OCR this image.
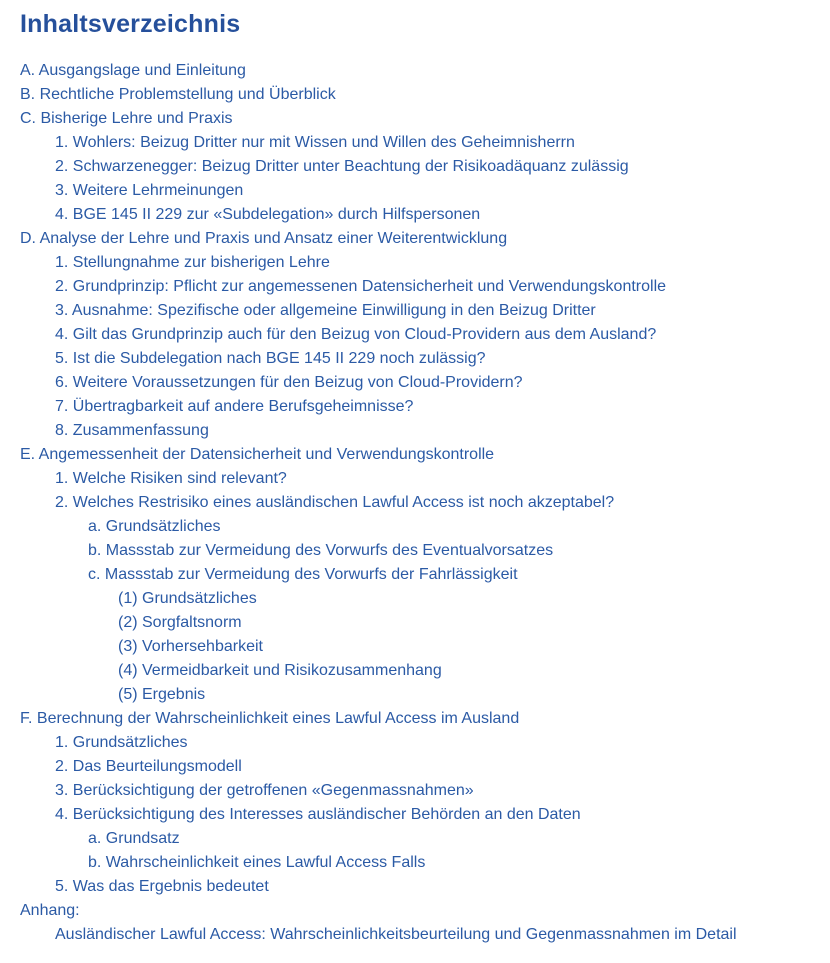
Inhaltsverzeichnis
A. Ausgangslage und Einleitung
B. Rechtliche Problemstellung und Überblick
C. Bisherige Lehre und Praxis
1. Wohlers: Beizug Dritter nur mit Wissen und Willen des Geheimnisherrn
2. Schwarzenegger: Beizug Dritter unter Beachtung der Risikoadäquanz zulässig
3. Weitere Lehrmeinungen
4. BGE 145 II 229 zur «Subdelegation» durch Hilfspersonen
D. Analyse der Lehre und Praxis und Ansatz einer Weiterentwicklung
1. Stellungnahme zur bisherigen Lehre
2. Grundprinzip: Pflicht zur angemessenen Datensicherheit und Verwendungskontrolle
3. Ausnahme: Spezifische oder allgemeine Einwilligung in den Beizug Dritter
4. Gilt das Grundprinzip auch für den Beizug von Cloud-Providern aus dem Ausland?
5. Ist die Subdelegation nach BGE 145 II 229 noch zulässig?
6. Weitere Voraussetzungen für den Beizug von Cloud-Providern?
7. Übertragbarkeit auf andere Berufsgeheimnisse?
8. Zusammenfassung
E. Angemessenheit der Datensicherheit und Verwendungskontrolle
1. Welche Risiken sind relevant?
2. Welches Restrisiko eines ausländischen Lawful Access ist noch akzeptabel?
a. Grundsätzliches
b. Massstab zur Vermeidung des Vorwurfs des Eventualvorsatzes
c. Massstab zur Vermeidung des Vorwurfs der Fahrlässigkeit
(1) Grundsätzliches
(2) Sorgfaltsnorm
(3) Vorhersehbarkeit
(4) Vermeidbarkeit und Risikozusammenhang
(5) Ergebnis
F. Berechnung der Wahrscheinlichkeit eines Lawful Access im Ausland
1. Grundsätzliches
2. Das Beurteilungsmodell
3. Berücksichtigung der getroffenen «Gegenmassnahmen»
4. Berücksichtigung des Interesses ausländischer Behörden an den Daten
a. Grundsatz
b. Wahrscheinlichkeit eines Lawful Access Falls
5. Was das Ergebnis bedeutet
Anhang:
Ausländischer Lawful Access: Wahrscheinlichkeitsbeurteilung und Gegenmassnahmen im Detail
